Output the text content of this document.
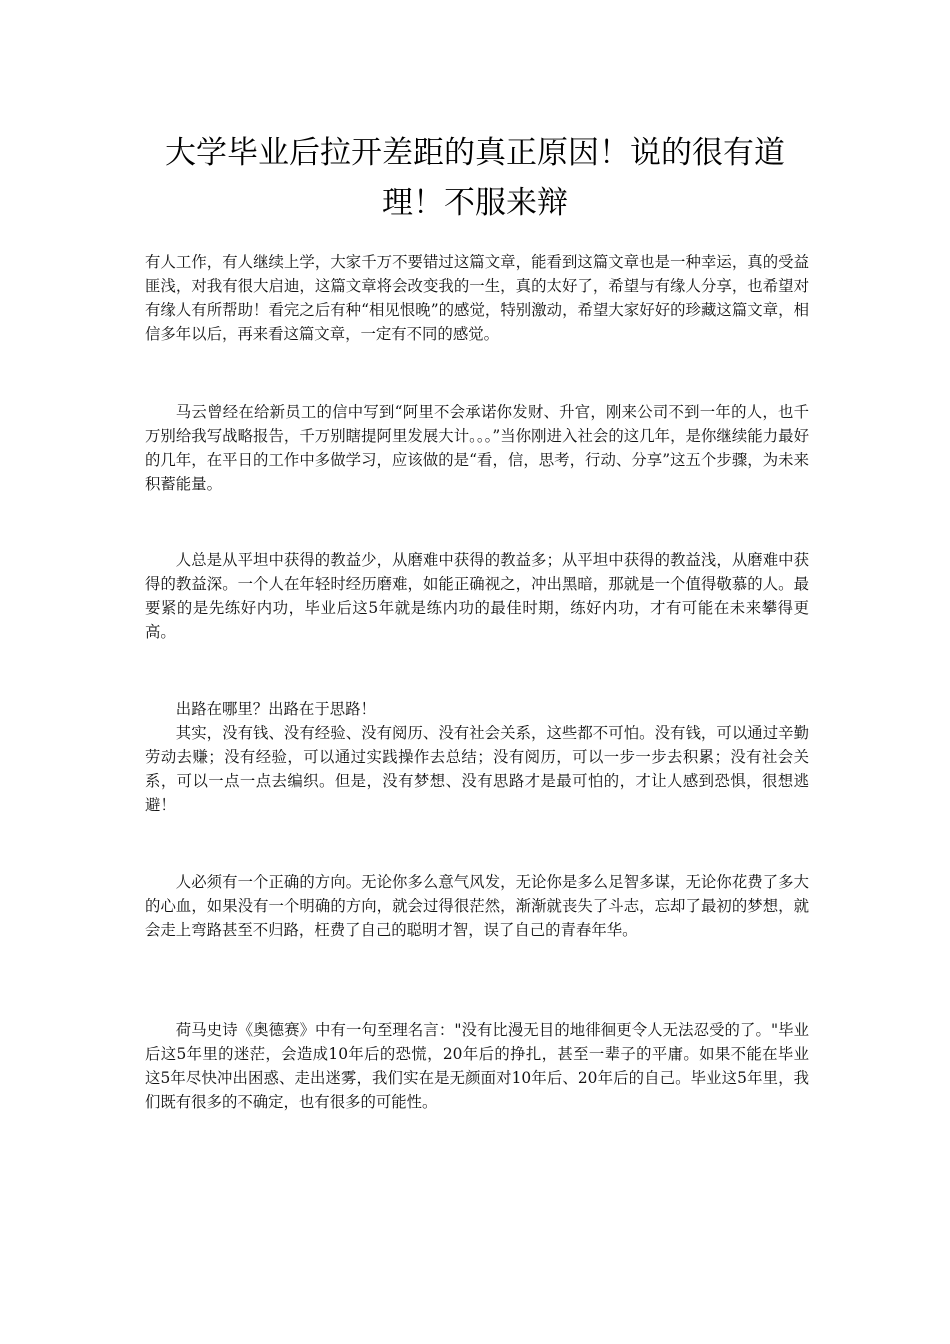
大学毕业后拉开差距的真正原因！说的很有道理！不服来辩

有人工作，有人继续上学，大家千万不要错过这篇文章，能看到这篇文章也是一种幸运，真的受益匪浅，对我有很大启迪，这篇文章将会改变我的一生，真的太好了，希望与有缘人分享，也希望对有缘人有所帮助！看完之后有种“相见恨晚”的感觉，特别激动，希望大家好好的珍藏这篇文章，相信多年以后，再来看这篇文章，一定有不同的感觉。

马云曾经在给新员工的信中写到“阿里不会承诺你发财、升官，刚来公司不到一年的人，也千万别给我写战略报告，千万别瞎提阿里发展大计。。。”当你刚进入社会的这几年，是你继续能力最好的几年，在平日的工作中多做学习，应该做的是“看，信，思考，行动、分享”这五个步骤，为未来积蓄能量。

人总是从平坦中获得的教益少，从磨难中获得的教益多；从平坦中获得的教益浅，从磨难中获得的教益深。一个人在年轻时经历磨难，如能正确视之，冲出黑暗，那就是一个值得敬慕的人。最要紧的是先练好内功，毕业后这5年就是练内功的最佳时期，练好内功，才有可能在未来攀得更高。

出路在哪里？出路在于思路！

其实，没有钱、没有经验、没有阅历、没有社会关系，这些都不可怕。没有钱，可以通过辛勤劳动去赚；没有经验，可以通过实践操作去总结；没有阅历，可以一步一步去积累；没有社会关系，可以一点一点去编织。但是，没有梦想、没有思路才是最可怕的，才让人感到恐惧，很想逃避！

人必须有一个正确的方向。无论你多么意气风发，无论你是多么足智多谋，无论你花费了多大的心血，如果没有一个明确的方向，就会过得很茫然，渐渐就丧失了斗志，忘却了最初的梦想，就会走上弯路甚至不归路，枉费了自己的聪明才智，误了自己的青春年华。

荷马史诗《奥德赛》中有一句至理名言："没有比漫无目的地徘徊更令人无法忍受的了。"毕业后这5年里的迷茫，会造成10年后的恐慌，20年后的挣扎，甚至一辈子的平庸。如果不能在毕业这5年尽快冲出困惑、走出迷雾，我们实在是无颜面对10年后、20年后的自己。毕业这5年里，我们既有很多的不确定，也有很多的可能性。
